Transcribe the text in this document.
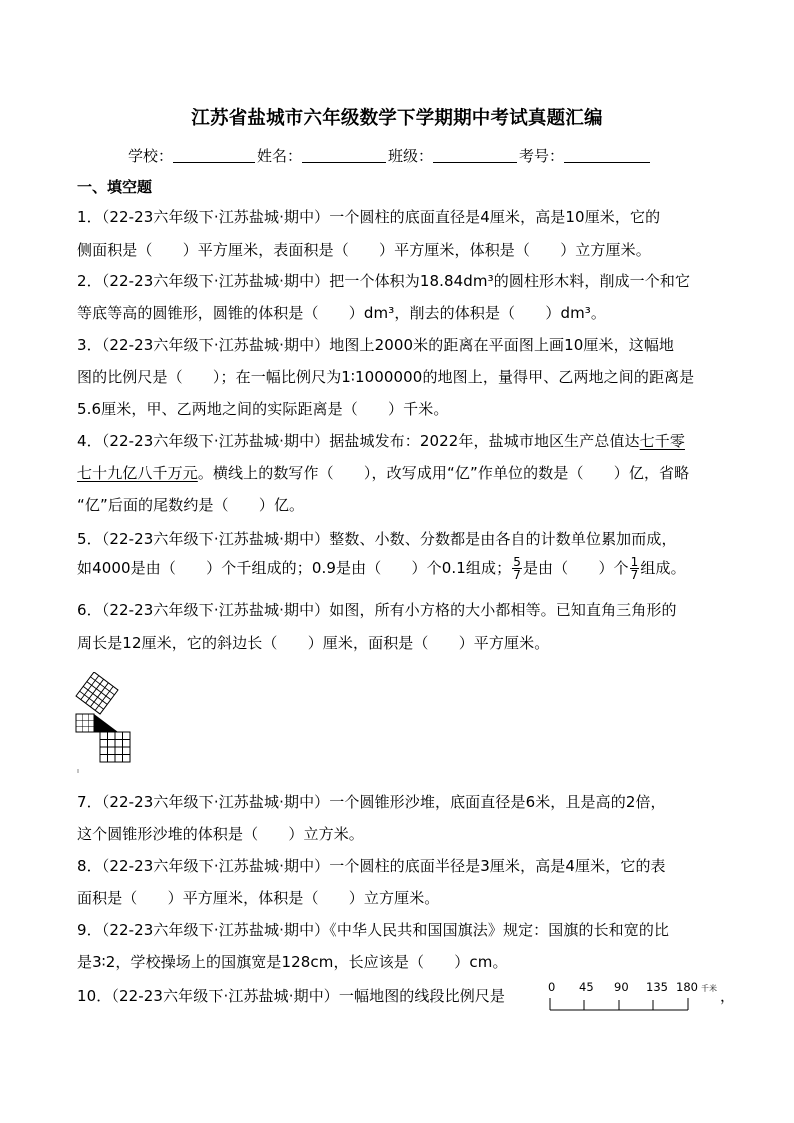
江苏省盐城市六年级数学下学期期中考试真题汇编
学校：	姓名：	班级：	考号：
一、填空题
1．（22-23六年级下·江苏盐城·期中）一个圆柱的底面直径是4厘米，高是10厘米，它的
侧面积是（　　）平方厘米，表面积是（　　）平方厘米，体积是（　　）立方厘米。
2．（22-23六年级下·江苏盐城·期中）把一个体积为18.84dm³的圆柱形木料，削成一个和它
等底等高的圆锥形，圆锥的体积是（　　）dm³，削去的体积是（　　）dm³。
3．（22-23六年级下·江苏盐城·期中）地图上2000米的距离在平面图上画10厘米，这幅地
图的比例尺是（　　）；在一幅比例尺为1∶1000000的地图上，量得甲、乙两地之间的距离是
5.6厘米，甲、乙两地之间的实际距离是（　　）千米。
4．（22-23六年级下·江苏盐城·期中）据盐城发布：2022年，盐城市地区生产总值达七千零
七十九亿八千万元。横线上的数写作（　　），改写成用“亿”作单位的数是（　　）亿，省略
“亿”后面的尾数约是（　　）亿。
5．（22-23六年级下·江苏盐城·期中）整数、小数、分数都是由各自的计数单位累加而成，
如4000是由（　　）个千组成的；0.9是由（　　）个0.1组成； $\frac{5}{7}$ 是由（　　）个 $\frac{1}{7}$ 组成。
6．（22-23六年级下·江苏盐城·期中）如图，所有小方格的大小都相等。已知直角三角形的
周长是12厘米，它的斜边长（　　）厘米，面积是（　　）平方厘米。
7．（22-23六年级下·江苏盐城·期中）一个圆锥形沙堆，底面直径是6米，且是高的2倍，
这个圆锥形沙堆的体积是（　　）立方米。
8．（22-23六年级下·江苏盐城·期中）一个圆柱的底面半径是3厘米，高是4厘米，它的表
面积是（　　）平方厘米，体积是（　　）立方厘米。
9．（22-23六年级下·江苏盐城·期中）《中华人民共和国国旗法》规定：国旗的长和宽的比
是3∶2，学校操场上的国旗宽是128cm，长应该是（　　）cm。
10．（22-23六年级下·江苏盐城·期中）一幅地图的线段比例尺是	，
0 45 90 135 180 千米
